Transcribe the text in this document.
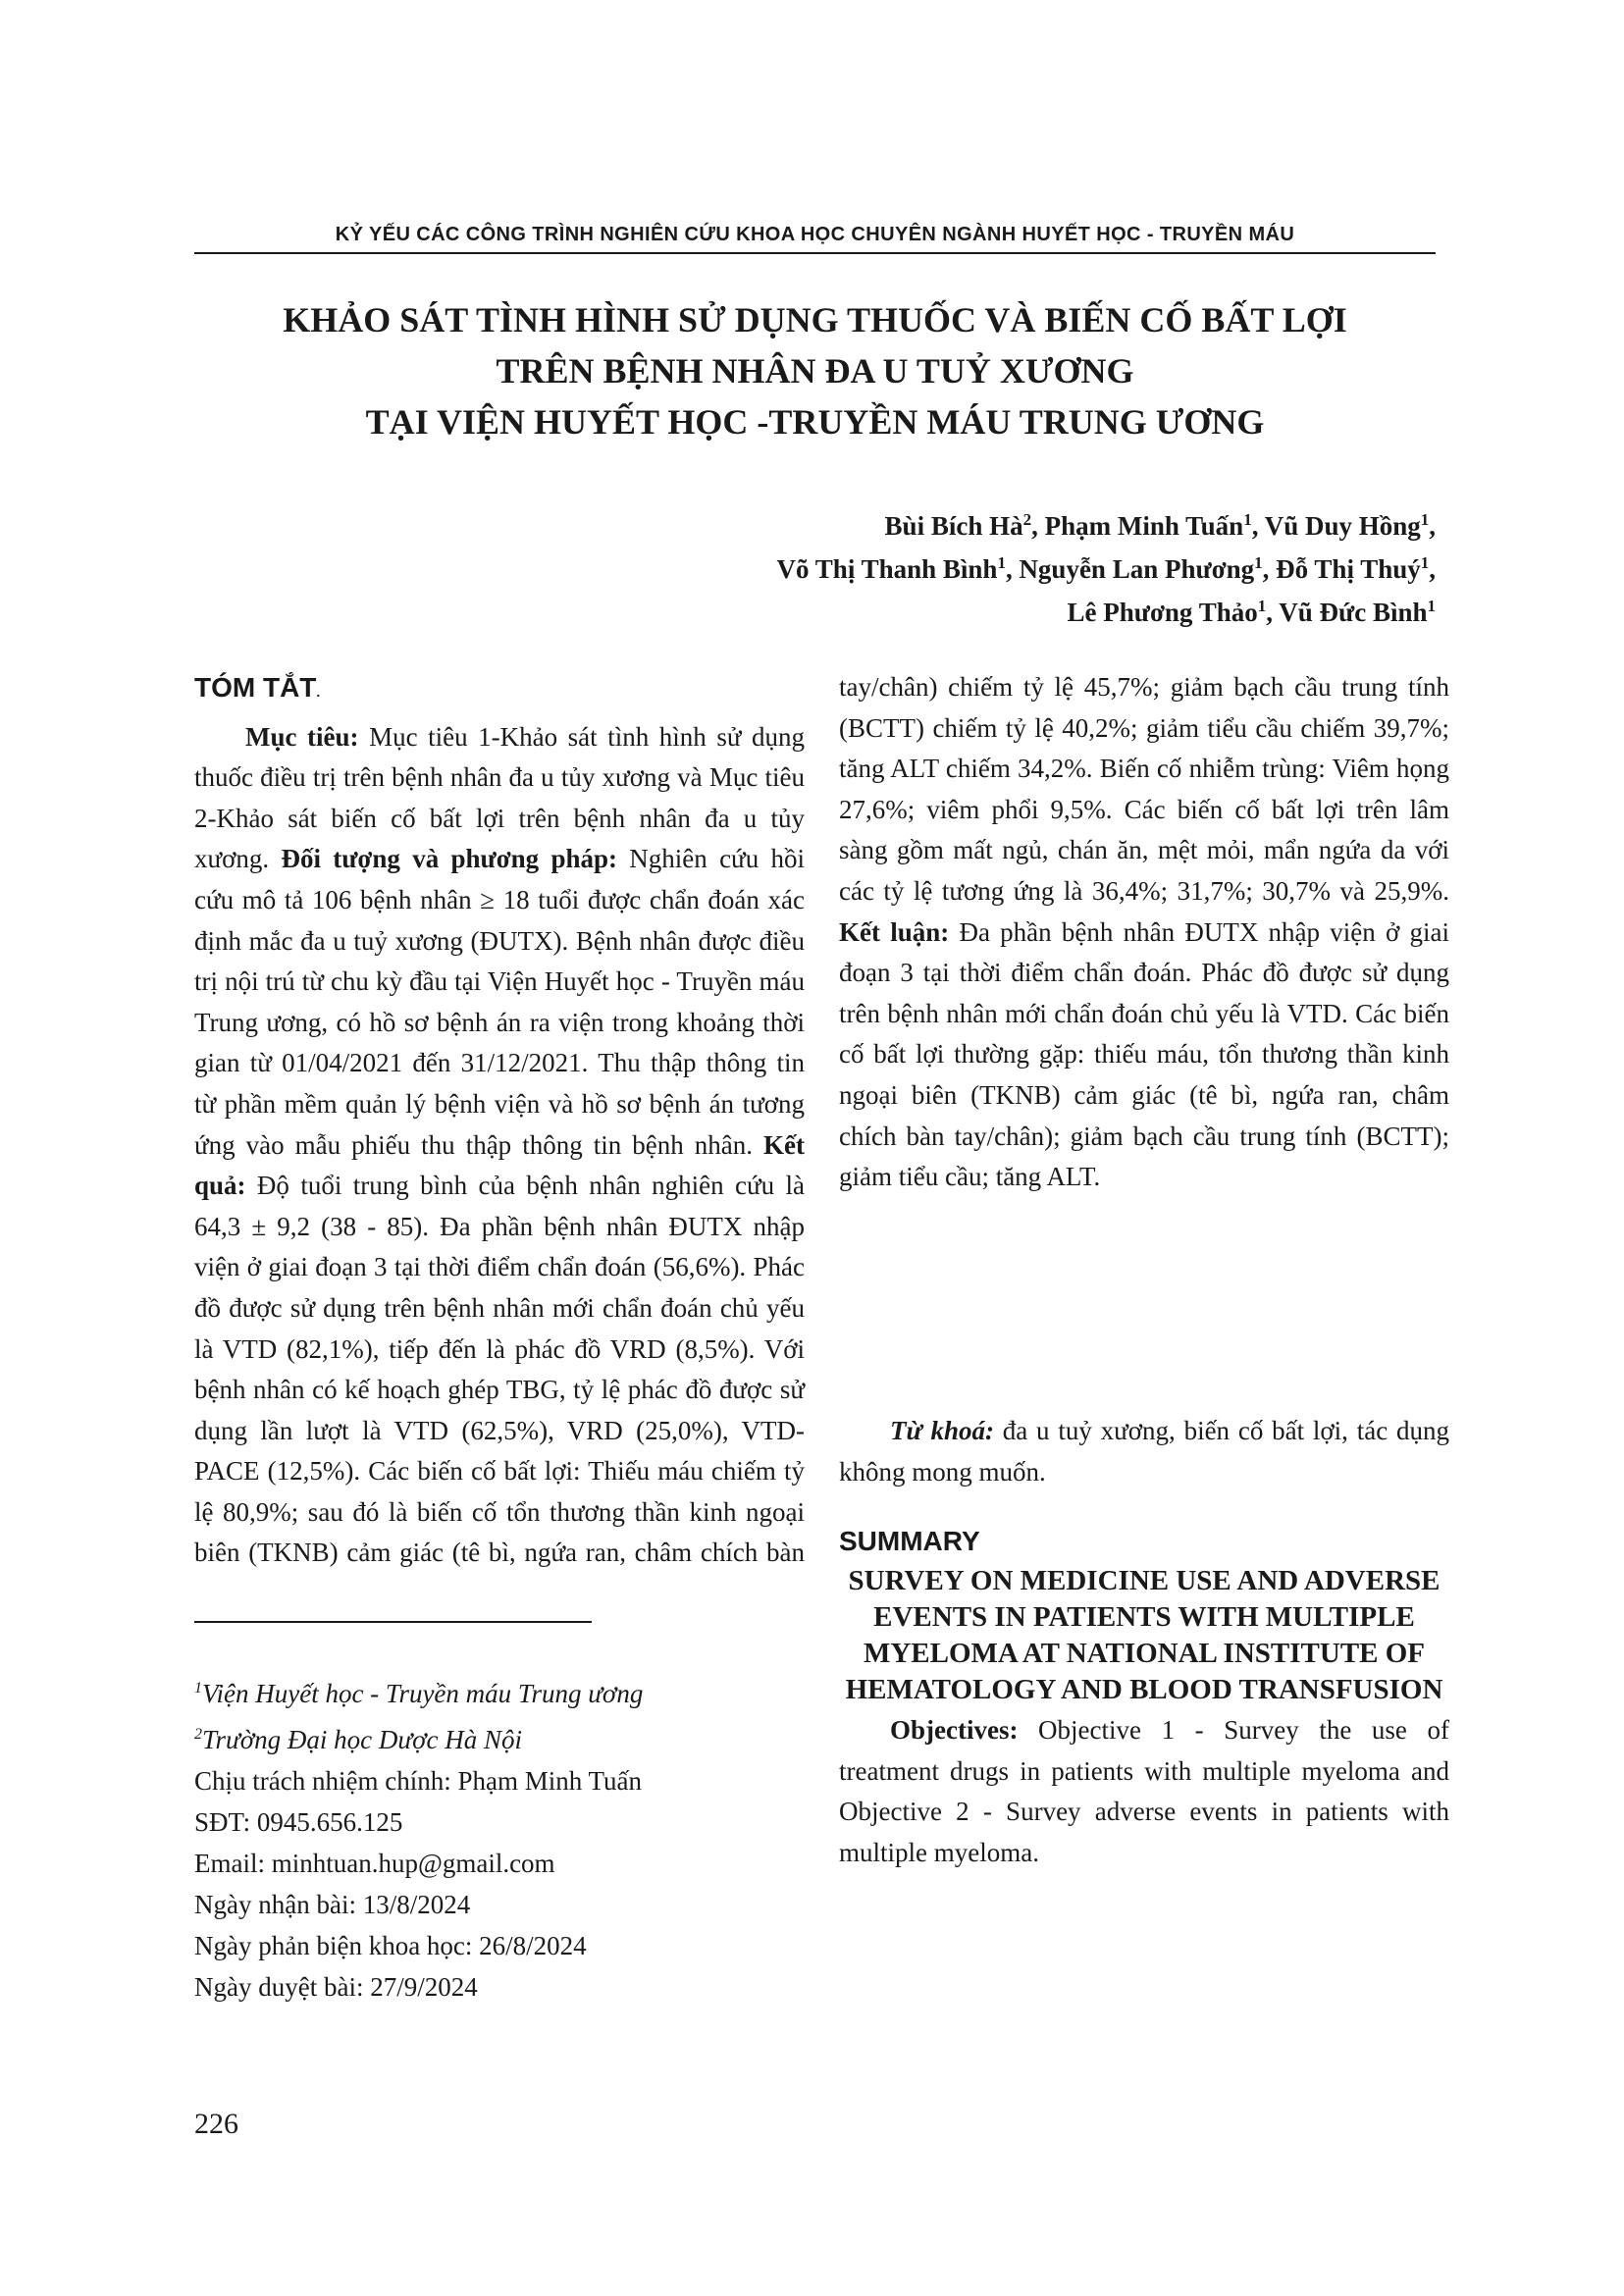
KỶ YẾU CÁC CÔNG TRÌNH NGHIÊN CỨU KHOA HỌC CHUYÊN NGÀNH HUYẾT HỌC - TRUYỀN MÁU
KHẢO SÁT TÌNH HÌNH SỬ DỤNG THUỐC VÀ BIẾN CỐ BẤT LỢI
TRÊN BỆNH NHÂN ĐA U TUỶ XƯƠNG
TẠI VIỆN HUYẾT HỌC -TRUYỀN MÁU TRUNG ƯƠNG
Bùi Bích $Hà^2$, Phạm Minh Tuấn$^1$, Vũ Duy Hồng$^1$,
Võ Thị Thanh Bình$^1$, Nguyễn Lan Phương$^1$, Đỗ Thị Thuý$^1$,
Lê Phương Thảo$^1$, Vũ Đức Bình$^1$
TÓM TẮT.

Mục tiêu: Mục tiêu 1-Khảo sát tình hình sử dụng thuốc điều trị trên bệnh nhân đa u tủy xương và Mục tiêu 2-Khảo sát biến cố bất lợi trên bệnh nhân đa u tủy xương. Đối tượng và phương pháp: Nghiên cứu hồi cứu mô tả 106 bệnh nhân ≥ 18 tuổi được chẩn đoán xác định mắc đa u tuỷ xương (ĐUTX). Bệnh nhân được điều trị nội trú từ chu kỳ đầu tại Viện Huyết học - Truyền máu Trung ương, có hồ sơ bệnh án ra viện trong khoảng thời gian từ 01/04/2021 đến 31/12/2021. Thu thập thông tin từ phần mềm quản lý bệnh viện và hồ sơ bệnh án tương ứng vào mẫu phiếu thu thập thông tin bệnh nhân. Kết quả: Độ tuổi trung bình của bệnh nhân nghiên cứu là 64,3 ± 9,2 (38 - 85). Đa phần bệnh nhân ĐUTX nhập viện ở giai đoạn 3 tại thời điểm chẩn đoán (56,6%). Phác đồ được sử dụng trên bệnh nhân mới chẩn đoán chủ yếu là VTD (82,1%), tiếp đến là phác đồ VRD (8,5%). Với bệnh nhân có kế hoạch ghép TBG, tỷ lệ phác đồ được sử dụng lần lượt là VTD (62,5%), VRD (25,0%), VTD-PACE (12,5%). Các biến cố bất lợi: Thiếu máu chiếm tỷ lệ 80,9%; sau đó là biến cố tổn thương thần kinh ngoại biên (TKNB) cảm giác (tê bì, ngứa ran, châm chích bàn tay/chân) chiếm tỷ lệ 45,7%; giảm bạch cầu trung tính (BCTT) chiếm tỷ lệ 40,2%; giảm tiểu cầu chiếm 39,7%; tăng ALT chiếm 34,2%. Biến cố nhiễm trùng: Viêm họng 27,6%; viêm phổi 9,5%. Các biến cố bất lợi trên lâm sàng gồm mất ngủ, chán ăn, mệt mỏi, mẩn ngứa da với các tỷ lệ tương ứng là 36,4%; 31,7%; 30,7% và 25,9%. Kết luận: Đa phần bệnh nhân ĐUTX nhập viện ở giai đoạn 3 tại thời điểm chẩn đoán. Phác đồ được sử dụng trên bệnh nhân mới chẩn đoán chủ yếu là VTD. Các biến cố bất lợi thường gặp: thiếu máu, tổn thương thần kinh ngoại biên (TKNB) cảm giác (tê bì, ngứa ran, châm chích bàn tay/chân); giảm bạch cầu trung tính (BCTT); giảm tiểu cầu; tăng ALT.

Từ khoá: đa u tuỷ xương, biến cố bất lợi, tác dụng không mong muốn.

SUMMARY
SURVEY ON MEDICINE USE AND ADVERSE EVENTS IN PATIENTS WITH MULTIPLE MYELOMA AT NATIONAL INSTITUTE OF HEMATOLOGY AND BLOOD TRANSFUSION

Objectives: Objective 1 - Survey the use of treatment drugs in patients with multiple myeloma and Objective 2 - Survey adverse events in patients with multiple myeloma.

$^1$Viện Huyết học - Truyền máu Trung ương
$^2$Trường Đại học Dược Hà Nội
Chịu trách nhiệm chính: Phạm Minh Tuấn
SĐT: 0945.656.125
Email: minhtuan.hup@gmail.com
Ngày nhận bài: 13/8/2024
Ngày phản biện khoa học: 26/8/2024
Ngày duyệt bài: 27/9/2024
226
